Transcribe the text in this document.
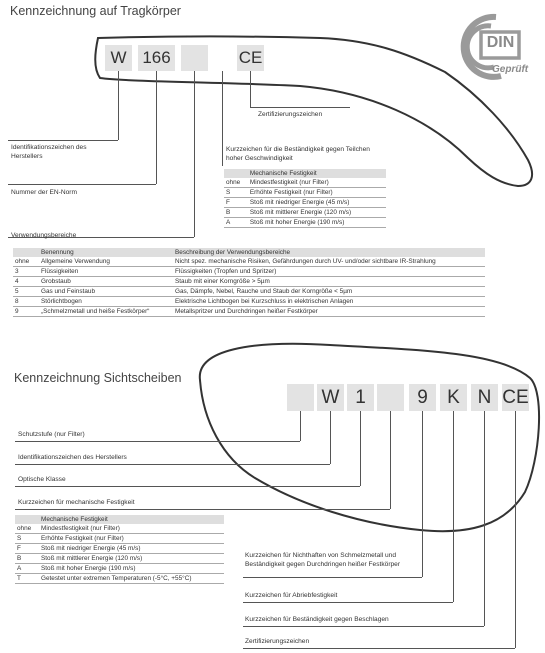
Kennzeichnung auf Tragkörper
DIN
Geprüft
W 166	CE
Zertifizierungszeichen
Identifikationszeichen des Herstellers
Nummer der EN-Norm
Kurzzeichen für die Beständigkeit gegen Teilchen hoher Geschwindigkeit
Verwendungsbereiche
	Mechanische Festigkeit
ohne	Mindestfestigkeit (nur Filter)
S	Erhöhte Festigkeit (nur Filter)
F	Stoß mit niedriger Energie (45 m/s)
B	Stoß mit mittlerer Energie (120 m/s)
A	Stoß mit hoher Energie (190 m/s)
	Benennung	Beschreibung der Verwendungsbereiche
ohne	Allgemeine Verwendung	Nicht spez. mechanische Risiken, Gefährdungen durch UV- und/oder sichtbare IR-Strahlung
3	Flüssigkeiten	Flüssigkeiten (Tropfen und Spritzer)
4	Grobstaub	Staub mit einer Korngröße > 5µm
5	Gas und Feinstaub	Gas, Dämpfe, Nebel, Rauche und Staub der Korngröße < 5µm
8	Störlichtbogen	Elektrische Lichtbogen bei Kurzschluss in elektrischen Anlagen
9	„Schmelzmetall und heiße Festkörper“	Metallspritzer und Durchdringen heißer Festkörper
Kennzeichnung Sichtscheiben
W 1	9	K N CE
Schutzstufe (nur Filter)
Identifikationszeichen des Herstellers
Optische Klasse
Kurzzeichen für mechanische Festigkeit
Kurzzeichen für Nichthaften von Schmelzmetall und Beständigkeit gegen Durchdringen heißer Festkörper
Kurzzeichen für Abriebfestigkeit
Kurzzeichen für Beständigkeit gegen Beschlagen
Zertifizierungszeichen
	Mechanische Festigkeit
ohne	Mindestfestigkeit (nur Filter)
S	Erhöhte Festigkeit (nur Filter)
F	Stoß mit niedriger Energie (45 m/s)
B	Stoß mit mittlerer Energie (120 m/s)
A	Stoß mit hoher Energie (190 m/s)
T	Getestet unter extremen Temperaturen (-5°C, +55°C)
